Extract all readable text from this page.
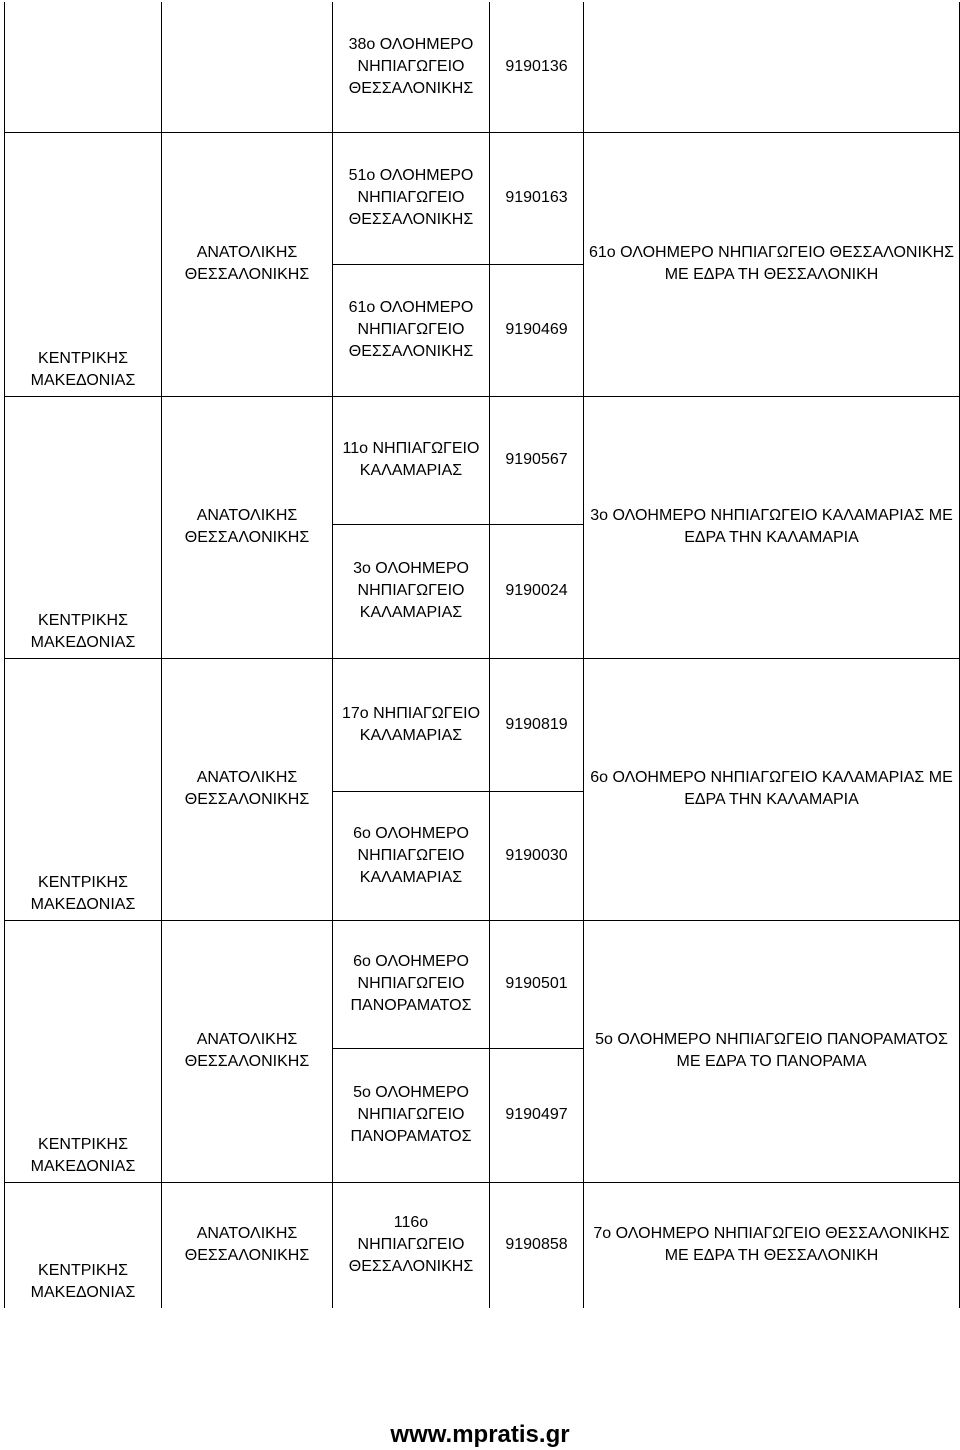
		38ο ΟΛΟΗΜΕΡΟ
ΝΗΠΙΑΓΩΓΕΙΟ
ΘΕΣΣΑΛΟΝΙΚΗΣ	9190136	

ΚΕΝΤΡΙΚΗΣ
ΜΑΚΕΔΟΝΙΑΣ	ΑΝΑΤΟΛΙΚΗΣ
ΘΕΣΣΑΛΟΝΙΚΗΣ	51ο ΟΛΟΗΜΕΡΟ
ΝΗΠΙΑΓΩΓΕΙΟ
ΘΕΣΣΑΛΟΝΙΚΗΣ	9190163	61ο ΟΛΟΗΜΕΡΟ ΝΗΠΙΑΓΩΓΕΙΟ ΘΕΣΣΑΛΟΝΙΚΗΣ
ΜΕ ΕΔΡΑ ΤΗ ΘΕΣΣΑΛΟΝΙΚΗ

		61ο ΟΛΟΗΜΕΡΟ
ΝΗΠΙΑΓΩΓΕΙΟ
ΘΕΣΣΑΛΟΝΙΚΗΣ	9190469	

ΚΕΝΤΡΙΚΗΣ
ΜΑΚΕΔΟΝΙΑΣ	ΑΝΑΤΟΛΙΚΗΣ
ΘΕΣΣΑΛΟΝΙΚΗΣ	11ο ΝΗΠΙΑΓΩΓΕΙΟ
ΚΑΛΑΜΑΡΙΑΣ	9190567	3ο ΟΛΟΗΜΕΡΟ ΝΗΠΙΑΓΩΓΕΙΟ ΚΑΛΑΜΑΡΙΑΣ ΜΕ
ΕΔΡΑ ΤΗΝ ΚΑΛΑΜΑΡΙΑ

		3ο ΟΛΟΗΜΕΡΟ
ΝΗΠΙΑΓΩΓΕΙΟ
ΚΑΛΑΜΑΡΙΑΣ	9190024	

ΚΕΝΤΡΙΚΗΣ
ΜΑΚΕΔΟΝΙΑΣ	ΑΝΑΤΟΛΙΚΗΣ
ΘΕΣΣΑΛΟΝΙΚΗΣ	17ο ΝΗΠΙΑΓΩΓΕΙΟ
ΚΑΛΑΜΑΡΙΑΣ	9190819	6ο ΟΛΟΗΜΕΡΟ ΝΗΠΙΑΓΩΓΕΙΟ ΚΑΛΑΜΑΡΙΑΣ ΜΕ
ΕΔΡΑ ΤΗΝ ΚΑΛΑΜΑΡΙΑ

		6ο ΟΛΟΗΜΕΡΟ
ΝΗΠΙΑΓΩΓΕΙΟ
ΚΑΛΑΜΑΡΙΑΣ	9190030	

ΚΕΝΤΡΙΚΗΣ
ΜΑΚΕΔΟΝΙΑΣ	ΑΝΑΤΟΛΙΚΗΣ
ΘΕΣΣΑΛΟΝΙΚΗΣ	6ο ΟΛΟΗΜΕΡΟ
ΝΗΠΙΑΓΩΓΕΙΟ
ΠΑΝΟΡΑΜΑΤΟΣ	9190501	5ο ΟΛΟΗΜΕΡΟ ΝΗΠΙΑΓΩΓΕΙΟ ΠΑΝΟΡΑΜΑΤΟΣ
ΜΕ ΕΔΡΑ ΤΟ ΠΑΝΟΡΑΜΑ

		5ο ΟΛΟΗΜΕΡΟ
ΝΗΠΙΑΓΩΓΕΙΟ
ΠΑΝΟΡΑΜΑΤΟΣ	9190497	

ΚΕΝΤΡΙΚΗΣ
ΜΑΚΕΔΟΝΙΑΣ	ΑΝΑΤΟΛΙΚΗΣ
ΘΕΣΣΑΛΟΝΙΚΗΣ	116ο
ΝΗΠΙΑΓΩΓΕΙΟ
ΘΕΣΣΑΛΟΝΙΚΗΣ	9190858	7ο ΟΛΟΗΜΕΡΟ ΝΗΠΙΑΓΩΓΕΙΟ ΘΕΣΣΑΛΟΝΙΚΗΣ
ΜΕ ΕΔΡΑ ΤΗ ΘΕΣΣΑΛΟΝΙΚΗ
www.mpratis.gr
